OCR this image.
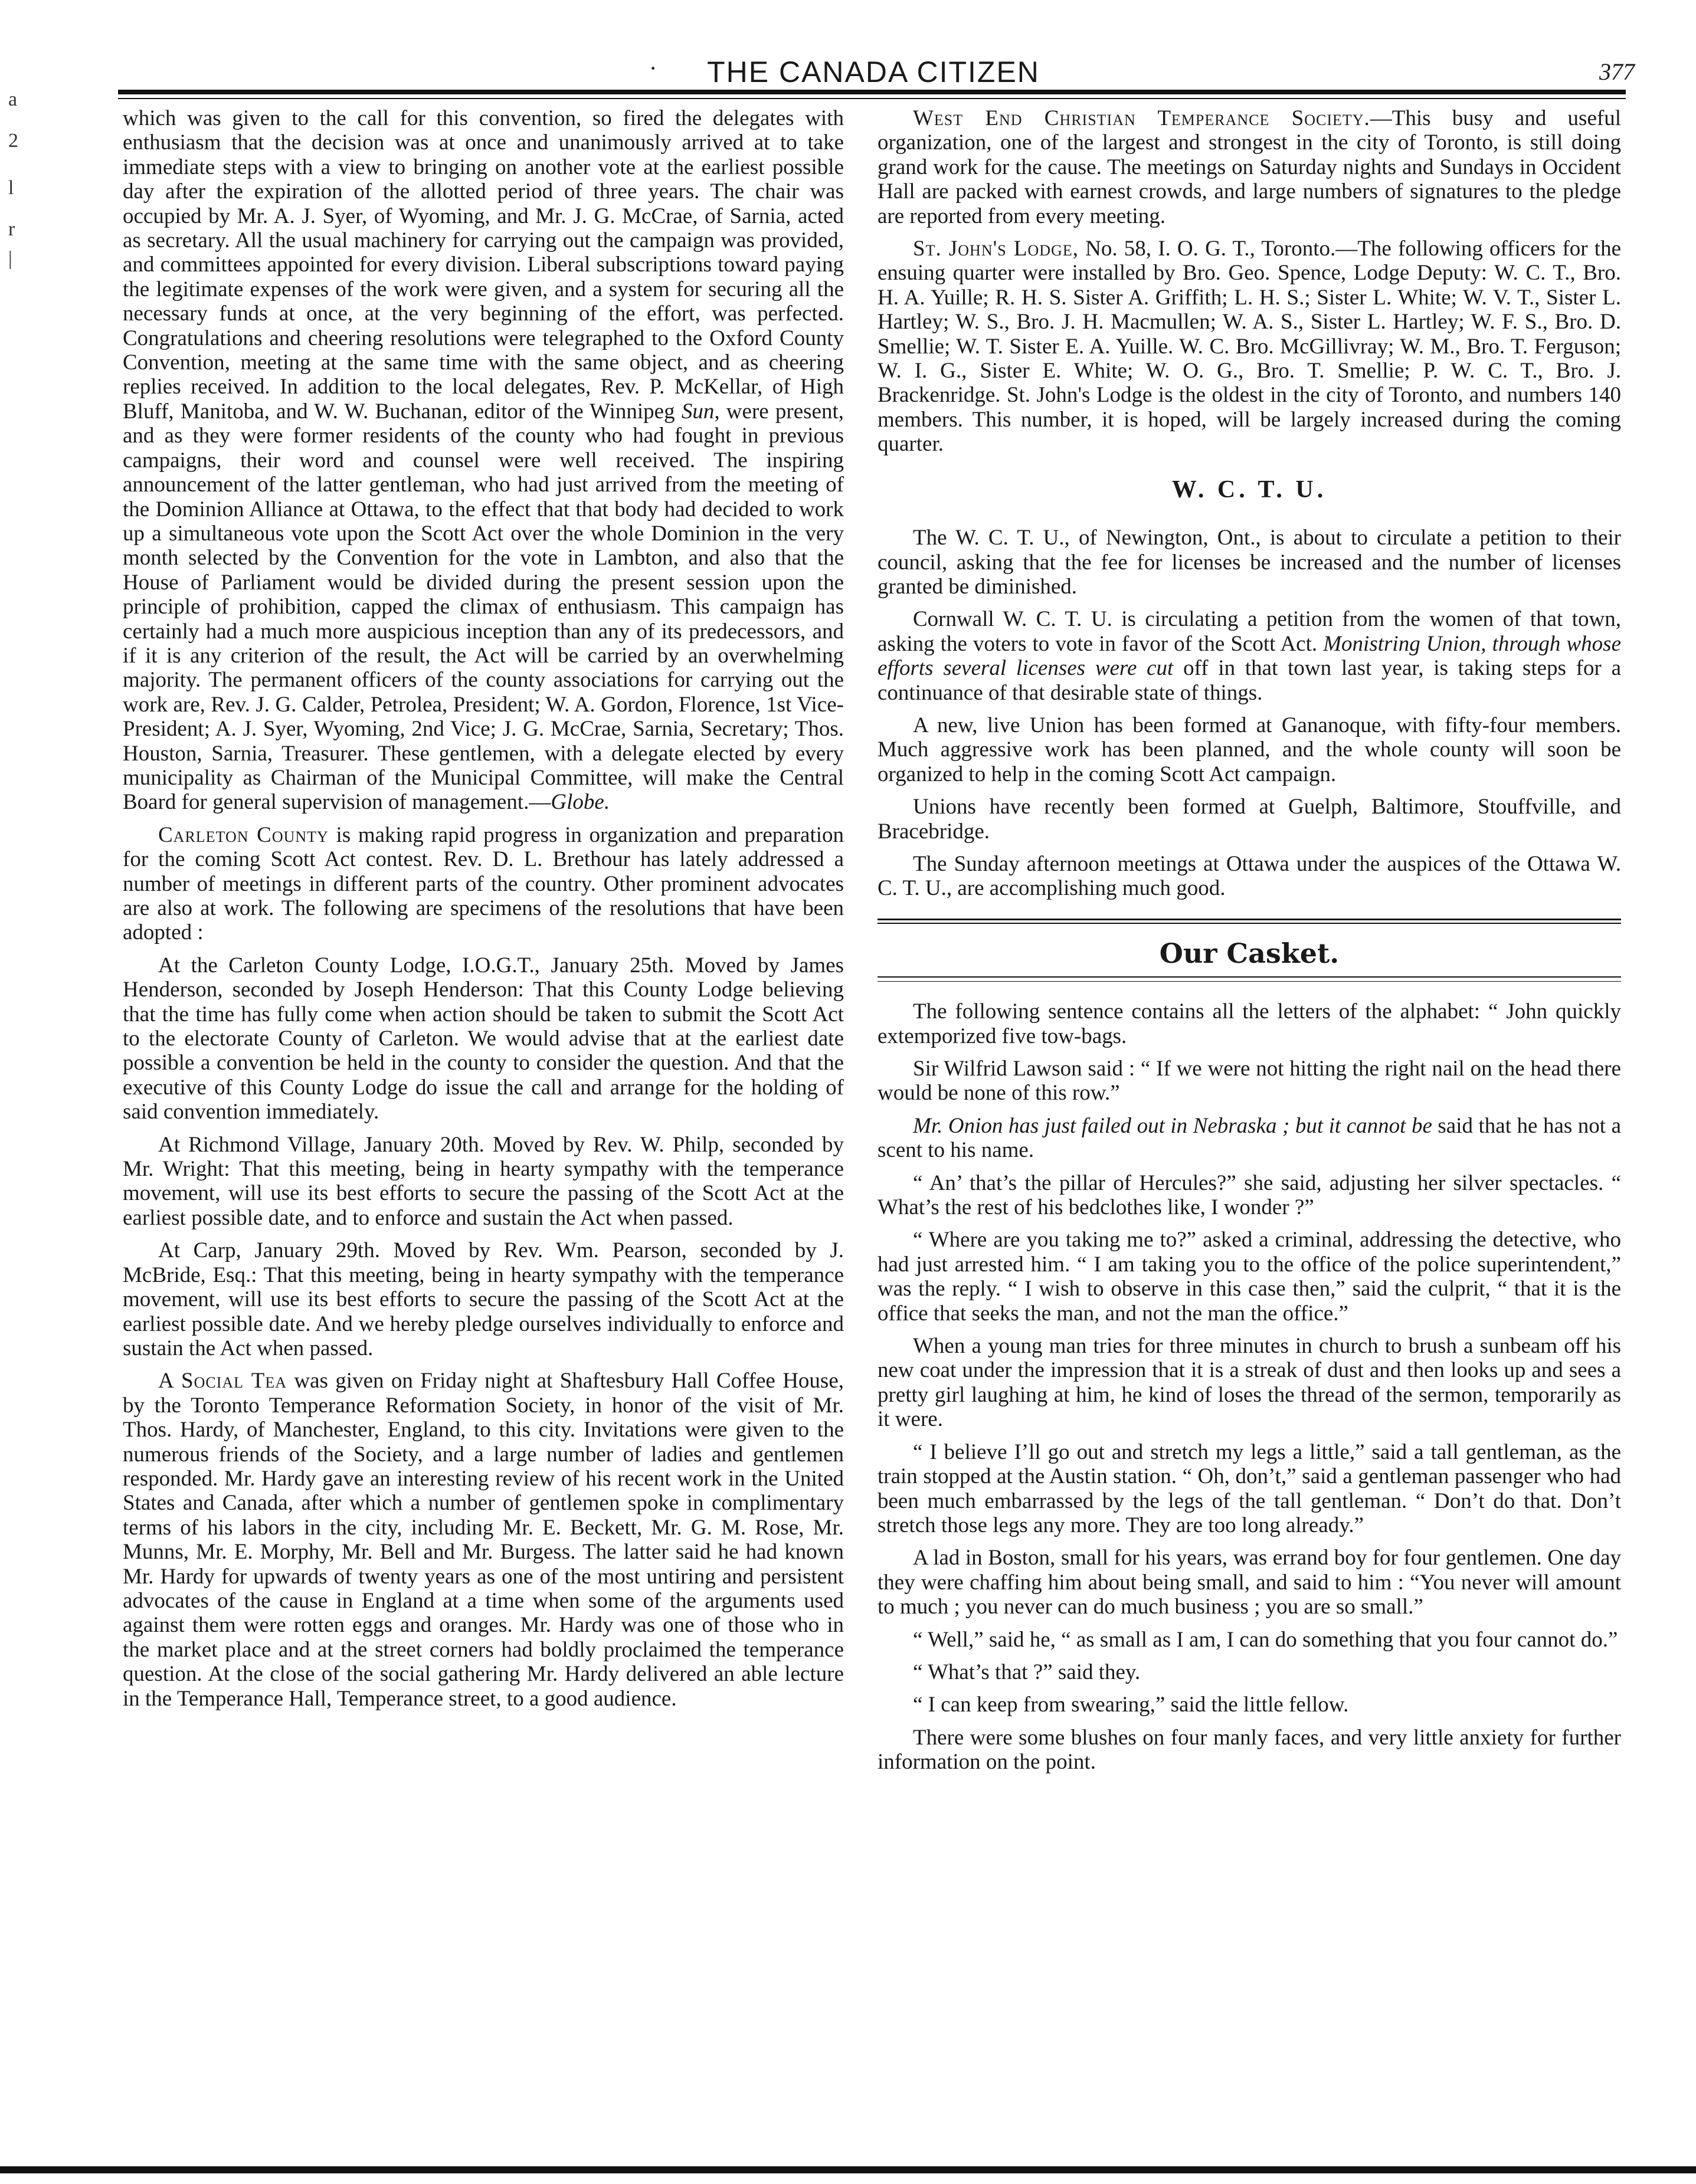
a
2
l
r
|
·	THE CANADA CITIZEN	377

which was given to the call for this convention, so fired the delegates with enthusiasm that the decision was at once and unanimously arrived at to take immediate steps with a view to bringing on another vote at the earliest possible day after the expiration of the allotted period of three years. The chair was occupied by Mr. A. J. Syer, of Wyoming, and Mr. J. G. McCrae, of Sarnia, acted as secretary. All the usual machinery for carrying out the campaign was provided, and committees appointed for every division. Liberal subscriptions toward paying the legitimate expenses of the work were given, and a system for securing all the necessary funds at once, at the very beginning of the effort, was perfected. Congratulations and cheering resolutions were telegraphed to the Oxford County Convention, meeting at the same time with the same object, and as cheering replies received. In addition to the local delegates, Rev. P. McKellar, of High Bluff, Manitoba, and W. W. Buchanan, editor of the Winnipeg Sun, were present, and as they were former residents of the county who had fought in previous campaigns, their word and counsel were well received. The inspiring announcement of the latter gentleman, who had just arrived from the meeting of the Dominion Alliance at Ottawa, to the effect that that body had decided to work up a simultaneous vote upon the Scott Act over the whole Dominion in the very month selected by the Convention for the vote in Lambton, and also that the House of Parliament would be divided during the present session upon the principle of prohibition, capped the climax of enthusiasm. This campaign has certainly had a much more auspicious inception than any of its predecessors, and if it is any criterion of the result, the Act will be carried by an overwhelming majority. The permanent officers of the county associations for carrying out the work are, Rev. J. G. Calder, Petrolea, President; W. A. Gordon, Florence, 1st Vice-President; A. J. Syer, Wyoming, 2nd Vice; J. G. McCrae, Sarnia, Secretary; Thos. Houston, Sarnia, Treasurer. These gentlemen, with a delegate elected by every municipality as Chairman of the Municipal Committee, will make the Central Board for general supervision of management.—Globe.

Carleton County is making rapid progress in organization and preparation for the coming Scott Act contest. Rev. D. L. Brethour has lately addressed a number of meetings in different parts of the country. Other prominent advocates are also at work. The following are specimens of the resolutions that have been adopted :

At the Carleton County Lodge, I.O.G.T., January 25th. Moved by James Henderson, seconded by Joseph Henderson: That this County Lodge believing that the time has fully come when action should be taken to submit the Scott Act to the electorate County of Carleton. We would advise that at the earliest date possible a convention be held in the county to consider the question. And that the executive of this County Lodge do issue the call and arrange for the holding of said convention immediately.

At Richmond Village, January 20th. Moved by Rev. W. Philp, seconded by Mr. Wright: That this meeting, being in hearty sympathy with the temperance movement, will use its best efforts to secure the passing of the Scott Act at the earliest possible date, and to enforce and sustain the Act when passed.

At Carp, January 29th. Moved by Rev. Wm. Pearson, seconded by J. McBride, Esq.: That this meeting, being in hearty sympathy with the temperance movement, will use its best efforts to secure the passing of the Scott Act at the earliest possible date. And we hereby pledge ourselves individually to enforce and sustain the Act when passed.

A Social Tea was given on Friday night at Shaftesbury Hall Coffee House, by the Toronto Temperance Reformation Society, in honor of the visit of Mr. Thos. Hardy, of Manchester, England, to this city. Invitations were given to the numerous friends of the Society, and a large number of ladies and gentlemen responded. Mr. Hardy gave an interesting review of his recent work in the United States and Canada, after which a number of gentlemen spoke in complimentary terms of his labors in the city, including Mr. E. Beckett, Mr. G. M. Rose, Mr. Munns, Mr. E. Morphy, Mr. Bell and Mr. Burgess. The latter said he had known Mr. Hardy for upwards of twenty years as one of the most untiring and persistent advocates of the cause in England at a time when some of the arguments used against them were rotten eggs and oranges. Mr. Hardy was one of those who in the market place and at the street corners had boldly proclaimed the temperance question. At the close of the social gathering Mr. Hardy delivered an able lecture in the Temperance Hall, Temperance street, to a good audience.

West End Christian Temperance Society.—This busy and useful organization, one of the largest and strongest in the city of Toronto, is still doing grand work for the cause. The meetings on Saturday nights and Sundays in Occident Hall are packed with earnest crowds, and large numbers of signatures to the pledge are reported from every meeting.

St. John's Lodge, No. 58, I. O. G. T., Toronto.—The following officers for the ensuing quarter were installed by Bro. Geo. Spence, Lodge Deputy: W. C. T., Bro. H. A. Yuille; R. H. S. Sister A. Griffith; L. H. S.; Sister L. White; W. V. T., Sister L. Hartley; W. S., Bro. J. H. Macmullen; W. A. S., Sister L. Hartley; W. F. S., Bro. D. Smellie; W. T. Sister E. A. Yuille. W. C. Bro. McGillivray; W. M., Bro. T. Ferguson; W. I. G., Sister E. White; W. O. G., Bro. T. Smellie; P. W. C. T., Bro. J. Brackenridge. St. John's Lodge is the oldest in the city of Toronto, and numbers 140 members. This number, it is hoped, will be largely increased during the coming quarter.

W. C. T. U.

The W. C. T. U., of Newington, Ont., is about to circulate a petition to their council, asking that the fee for licenses be increased and the number of licenses granted be diminished.

Cornwall W. C. T. U. is circulating a petition from the women of that town, asking the voters to vote in favor of the Scott Act. Monistring Union, through whose efforts several licenses were cut off in that town last year, is taking steps for a continuance of that desirable state of things.

A new, live Union has been formed at Gananoque, with fifty-four members. Much aggressive work has been planned, and the whole county will soon be organized to help in the coming Scott Act campaign.

Unions have recently been formed at Guelph, Baltimore, Stouffville, and Bracebridge.

The Sunday afternoon meetings at Ottawa under the auspices of the Ottawa W. C. T. U., are accomplishing much good.

Our Casket.

The following sentence contains all the letters of the alphabet: “ John quickly extemporized five tow-bags.

Sir Wilfrid Lawson said : “ If we were not hitting the right nail on the head there would be none of this row.”

Mr. Onion has just failed out in Nebraska ; but it cannot be said that he has not a scent to his name.

“ An’ that’s the pillar of Hercules?” she said, adjusting her silver spectacles. “ What’s the rest of his bedclothes like, I wonder ?”

“ Where are you taking me to?” asked a criminal, addressing the detective, who had just arrested him. “ I am taking you to the office of the police superintendent,” was the reply. “ I wish to observe in this case then,” said the culprit, “ that it is the office that seeks the man, and not the man the office.”

When a young man tries for three minutes in church to brush a sunbeam off his new coat under the impression that it is a streak of dust and then looks up and sees a pretty girl laughing at him, he kind of loses the thread of the sermon, temporarily as it were.

“ I believe I’ll go out and stretch my legs a little,” said a tall gentleman, as the train stopped at the Austin station. “ Oh, don’t,” said a gentleman passenger who had been much embarrassed by the legs of the tall gentleman. “ Don’t do that. Don’t stretch those legs any more. They are too long already.”

A lad in Boston, small for his years, was errand boy for four gentlemen. One day they were chaffing him about being small, and said to him : “You never will amount to much ; you never can do much business ; you are so small.”

“ Well,” said he, “ as small as I am, I can do something that you four cannot do.”

“ What’s that ?” said they.

“ I can keep from swearing,” said the little fellow.

There were some blushes on four manly faces, and very little anxiety for further information on the point.
